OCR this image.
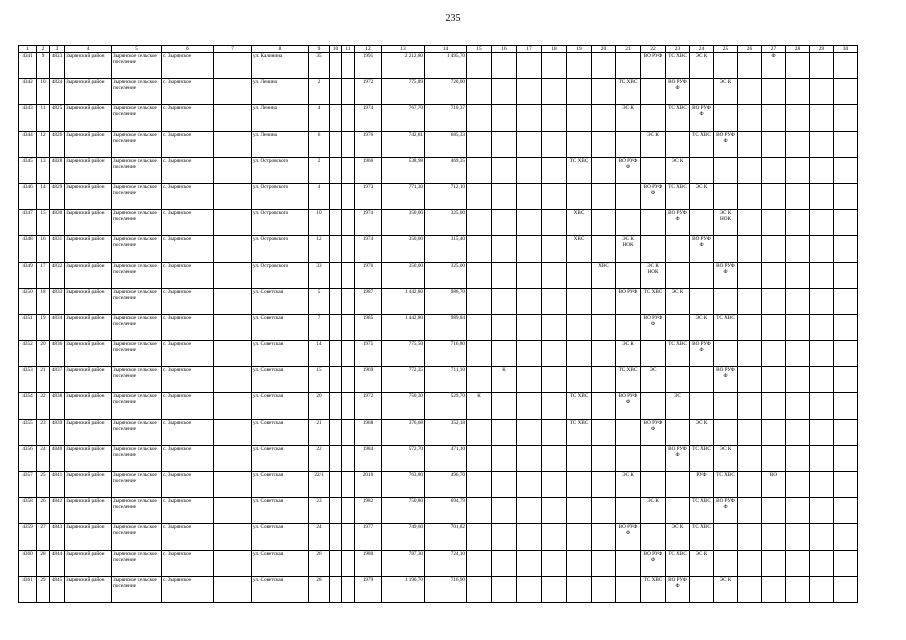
235
1	2	3	4	5	6	7	8	9	10	11	12	13	14	15	16	17	18	19	20	21	22	23	24	25	26	27	28	29	30
4341	9	4823	Зырянский район	Зырянское сельское поселение	с. Зырянское		ул. Калинина	35			1991	2 212,80	1 495,70								ВО РУФ	ТС ХВС	ЭС К			Ф			
4342	10	4824	Зырянский район	Зырянское сельское поселение	с. Зырянское		ул. Ленина	2			1972	775,89	720,00							ТС ХВС		ВО РУФ Ф		ЭС К					
4343	11	4825	Зырянский район	Зырянское сельское поселение	с. Зырянское		ул. Ленина	4			1974	767,70	710,37							ЭС К		ТС ХВС	ВО РУФ Ф						
4344	12	4826	Зырянский район	Зырянское сельское поселение	с. Зырянское		ул. Ленина	6			1976	742,81	685,33								ЭС К		ТС ХВС	ВО РУФ Ф					
4345	13	4828	Зырянский район	Зырянское сельское поселение	с. Зырянское		ул. Островского	2			1966	538,98	469,35					ТС ХВС		ВО РУФ Ф		ЭС К							
4346	14	4829	Зырянский район	Зырянское сельское поселение	с. Зырянское		ул. Островского	4			1973	771,30	712,10								ВО РУФ Ф	ТС ХВС	ЭС К						
4347	15	4830	Зырянский район	Зырянское сельское поселение	с. Зырянское		ул. Островского	10			1974	350,00	325,00					ХВС				ВО РУФ Ф		ЭС К НОК					
4348	16	4831	Зырянский район	Зырянское сельское поселение	с. Зырянское		ул. Островского	12			1974	350,00	315,40					ХВС		ЭС К НОК			ВО РУФ Ф						
4349	17	4832	Зырянский район	Зырянское сельское поселение	с. Зырянское		ул. Островского	33			1976	350,00	325,00						ХВС		ЭС К НОК			ВО РУФ Ф					
4350	18	4833	Зырянский район	Зырянское сельское поселение	с. Зырянское		ул. Советская	5			1987	1 442,80	986,70							ВО РУФ	ТС ХВС	ЭС К							
4351	19	4834	Зырянский район	Зырянское сельское поселение	с. Зырянское		ул. Советская	7			1985	1 442,80	989,84								ВО РУФ Ф		ЭС К	ТС ХВС					
4352	20	4836	Зырянский район	Зырянское сельское поселение	с. Зырянское		ул. Советская	14			1975	775,50	716,80							ЭС К		ТС ХВС	ВО РУФ Ф						
4353	21	4837	Зырянский район	Зырянское сельское поселение	с. Зырянское		ул. Советская	15			1969	772,35	711,10		К					ТС ХВС	ЭС			ВО РУФ Ф					
4354	22	4838	Зырянский район	Зырянское сельское поселение	с. Зырянское		ул. Советская	20			1972	750,30	529,70	К				ТС ХВС		ВО РУФ Ф		ЭС							
4355	23	4839	Зырянский район	Зырянское сельское поселение	с. Зырянское		ул. Советская	21			1968	376,68	352,18					ТС ХВС			ВО РУФ Ф		ЭС К						
4356	24	4840	Зырянский район	Зырянское сельское поселение	с. Зырянское		ул. Советская	22			1984	572,70	471,10									ВО РУФ Ф	ТС ХВС	ЭС К					
4357	25	4841	Зырянский район	Зырянское сельское поселение	с. Зырянское		ул. Советская	22/1			2010	763,80	496,70							ЭС К			РУФ	ТС ХВС		ВО			
4358	26	4842	Зырянский район	Зырянское сельское поселение	с. Зырянское		ул. Советская	23			1982	750,80	694,79								ЭС К		ТС ХВС	ВО РУФ Ф					
4359	27	4843	Зырянский район	Зырянское сельское поселение	с. Зырянское		ул. Советская	24			1977	749,60	701,82							ВО РУФ Ф		ЭС К	ТС ХВС						
4360	28	4844	Зырянский район	Зырянское сельское поселение	с. Зырянское		ул. Советская	26			1980	787,30	724,10								ВО РУФ Ф	ТС ХВС	ЭС К						
4361	29	4845	Зырянский район	Зырянское сельское поселение	с. Зырянское		ул. Советская	28			1979	1 190,70	716,90								ТС ХВС	ВО РУФ Ф		ЭС К					
